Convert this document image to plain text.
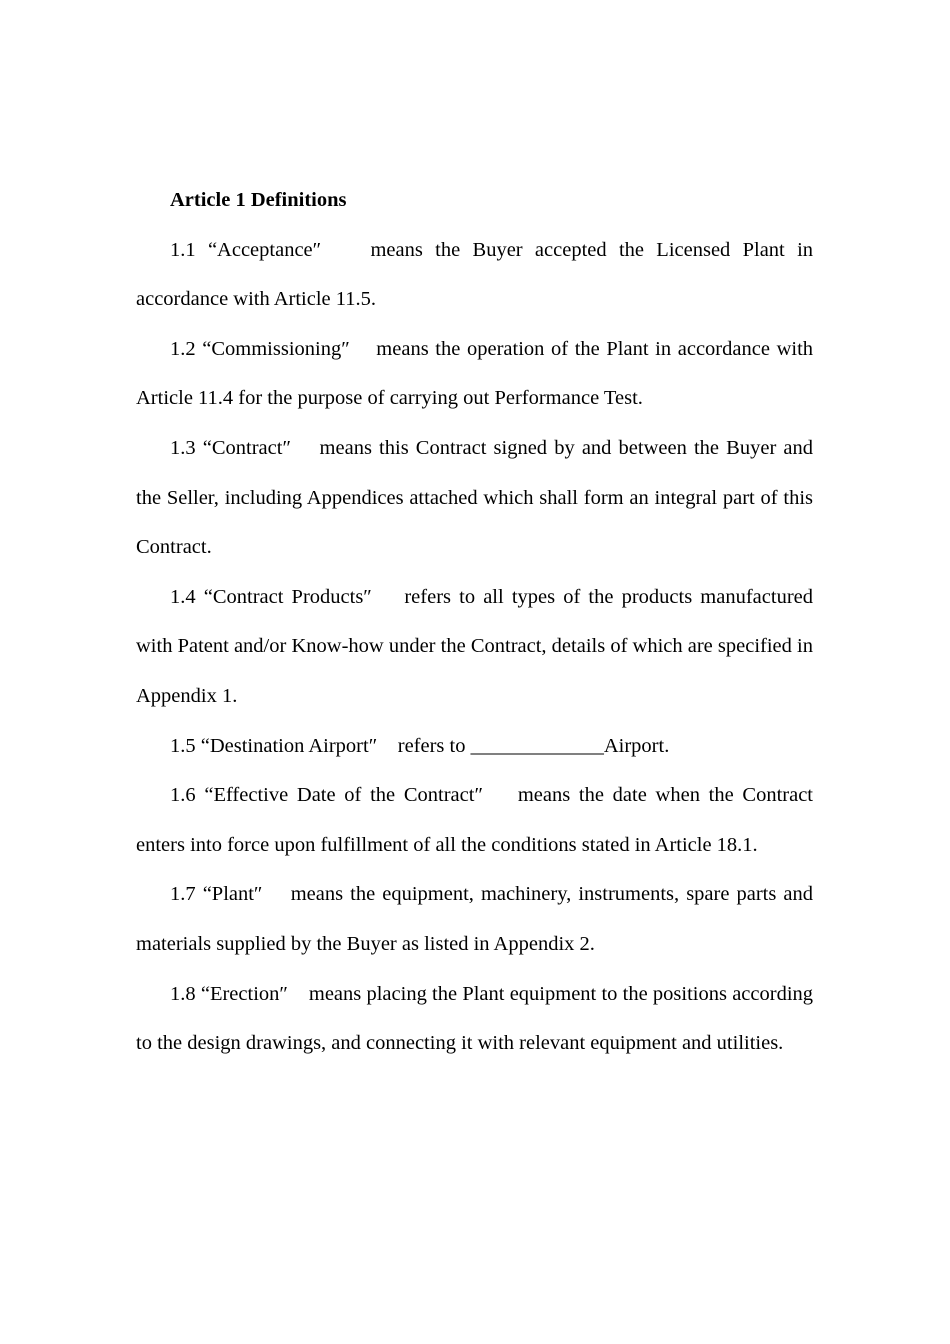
Article 1 Definitions

1.1 “Acceptance″ means the Buyer accepted the Licensed Plant in accordance with Article 11.5.

1.2 “Commissioning″ means the operation of the Plant in accordance with Article 11.4 for the purpose of carrying out Performance Test.

1.3 “Contract″ means this Contract signed by and between the Buyer and the Seller, including Appendices attached which shall form an integral part of this Contract.

1.4 “Contract Products″ refers to all types of the products manufactured with Patent and/or Know-how under the Contract, details of which are specified in Appendix 1.

1.5 “Destination Airport″ refers to _____________Airport.

1.6 “Effective Date of the Contract″ means the date when the Contract enters into force upon fulfillment of all the conditions stated in Article 18.1.

1.7 “Plant″ means the equipment, machinery, instruments, spare parts and materials supplied by the Buyer as listed in Appendix 2.

1.8 “Erection″ means placing the Plant equipment to the positions according to the design drawings, and connecting it with relevant equipment and utilities.
